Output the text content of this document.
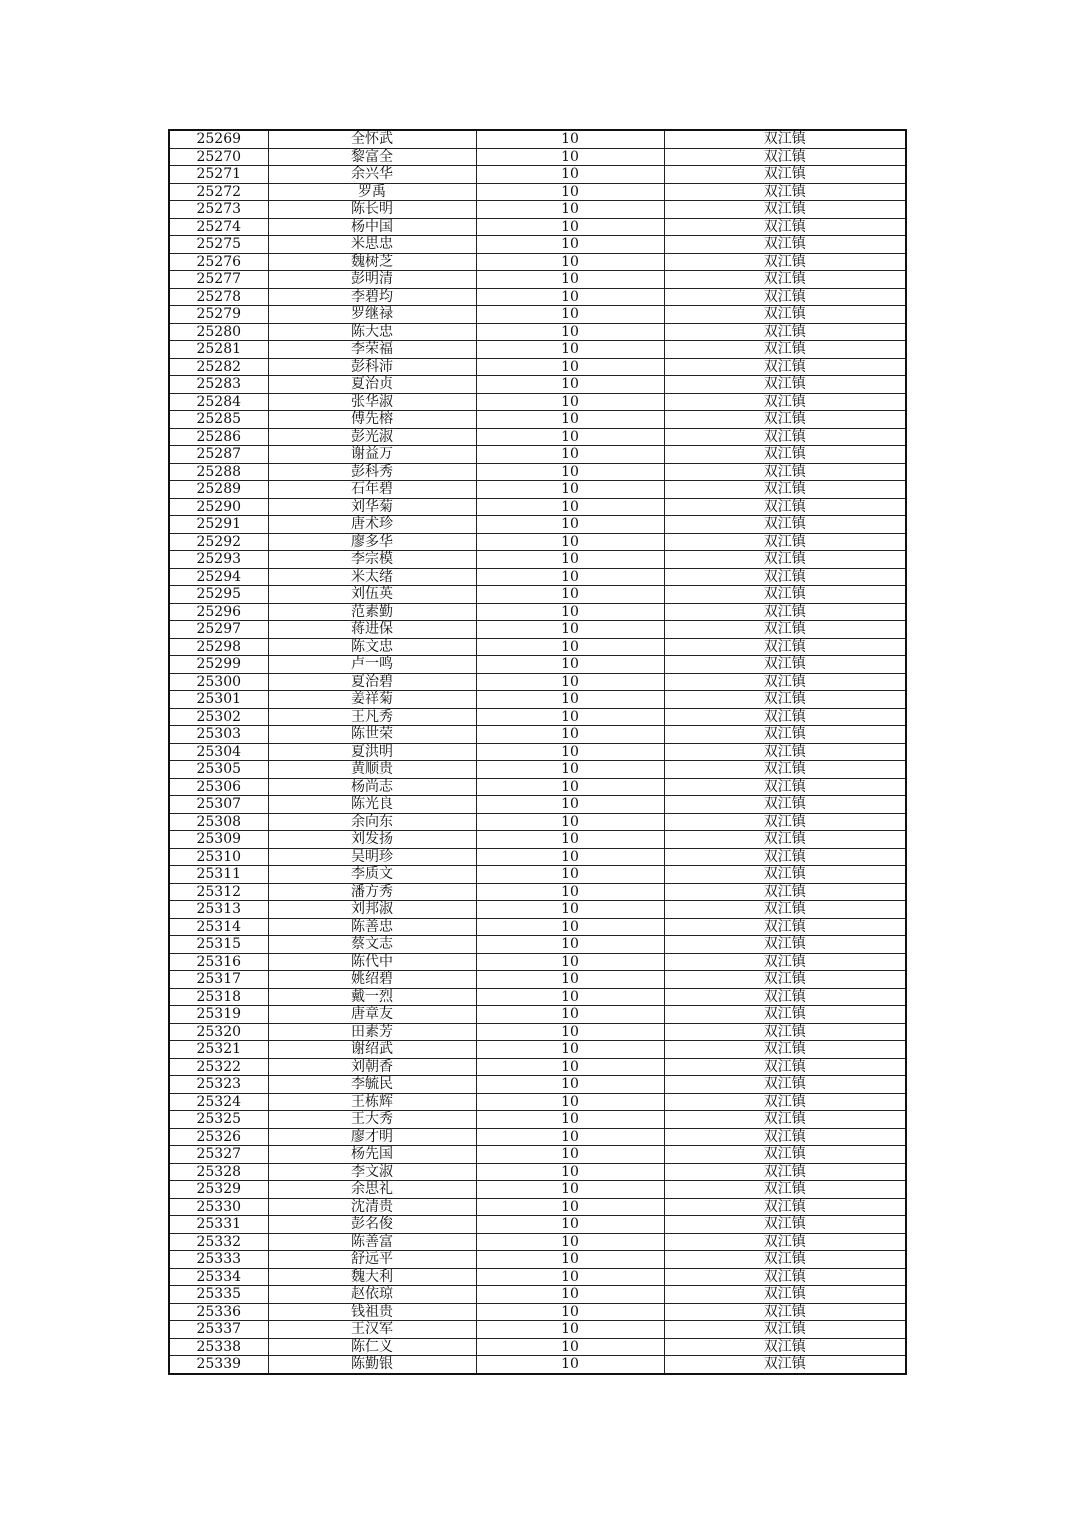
25269	全怀武	10	双江镇
25270	黎富全	10	双江镇
25271	余兴华	10	双江镇
25272	罗禹	10	双江镇
25273	陈长明	10	双江镇
25274	杨中国	10	双江镇
25275	米思忠	10	双江镇
25276	魏树芝	10	双江镇
25277	彭明清	10	双江镇
25278	李碧均	10	双江镇
25279	罗继禄	10	双江镇
25280	陈大忠	10	双江镇
25281	李荣福	10	双江镇
25282	彭科沛	10	双江镇
25283	夏治贞	10	双江镇
25284	张华淑	10	双江镇
25285	傅先榕	10	双江镇
25286	彭光淑	10	双江镇
25287	谢益万	10	双江镇
25288	彭科秀	10	双江镇
25289	石年碧	10	双江镇
25290	刘华菊	10	双江镇
25291	唐术珍	10	双江镇
25292	廖多华	10	双江镇
25293	李宗模	10	双江镇
25294	米太绪	10	双江镇
25295	刘伍英	10	双江镇
25296	范素勤	10	双江镇
25297	蒋进保	10	双江镇
25298	陈文忠	10	双江镇
25299	卢一鸣	10	双江镇
25300	夏治碧	10	双江镇
25301	姜祥菊	10	双江镇
25302	王凡秀	10	双江镇
25303	陈世荣	10	双江镇
25304	夏洪明	10	双江镇
25305	黄顺贵	10	双江镇
25306	杨尚志	10	双江镇
25307	陈光良	10	双江镇
25308	余向东	10	双江镇
25309	刘发扬	10	双江镇
25310	吴明珍	10	双江镇
25311	李质文	10	双江镇
25312	潘方秀	10	双江镇
25313	刘邦淑	10	双江镇
25314	陈善忠	10	双江镇
25315	蔡文志	10	双江镇
25316	陈代中	10	双江镇
25317	姚绍碧	10	双江镇
25318	戴一烈	10	双江镇
25319	唐章友	10	双江镇
25320	田素芳	10	双江镇
25321	谢绍武	10	双江镇
25322	刘朝香	10	双江镇
25323	李毓民	10	双江镇
25324	王栋辉	10	双江镇
25325	王大秀	10	双江镇
25326	廖才明	10	双江镇
25327	杨先国	10	双江镇
25328	李文淑	10	双江镇
25329	余思礼	10	双江镇
25330	沈清贵	10	双江镇
25331	彭名俊	10	双江镇
25332	陈善富	10	双江镇
25333	舒远平	10	双江镇
25334	魏大利	10	双江镇
25335	赵依琼	10	双江镇
25336	钱祖贵	10	双江镇
25337	王汉军	10	双江镇
25338	陈仁义	10	双江镇
25339	陈勤银	10	双江镇
